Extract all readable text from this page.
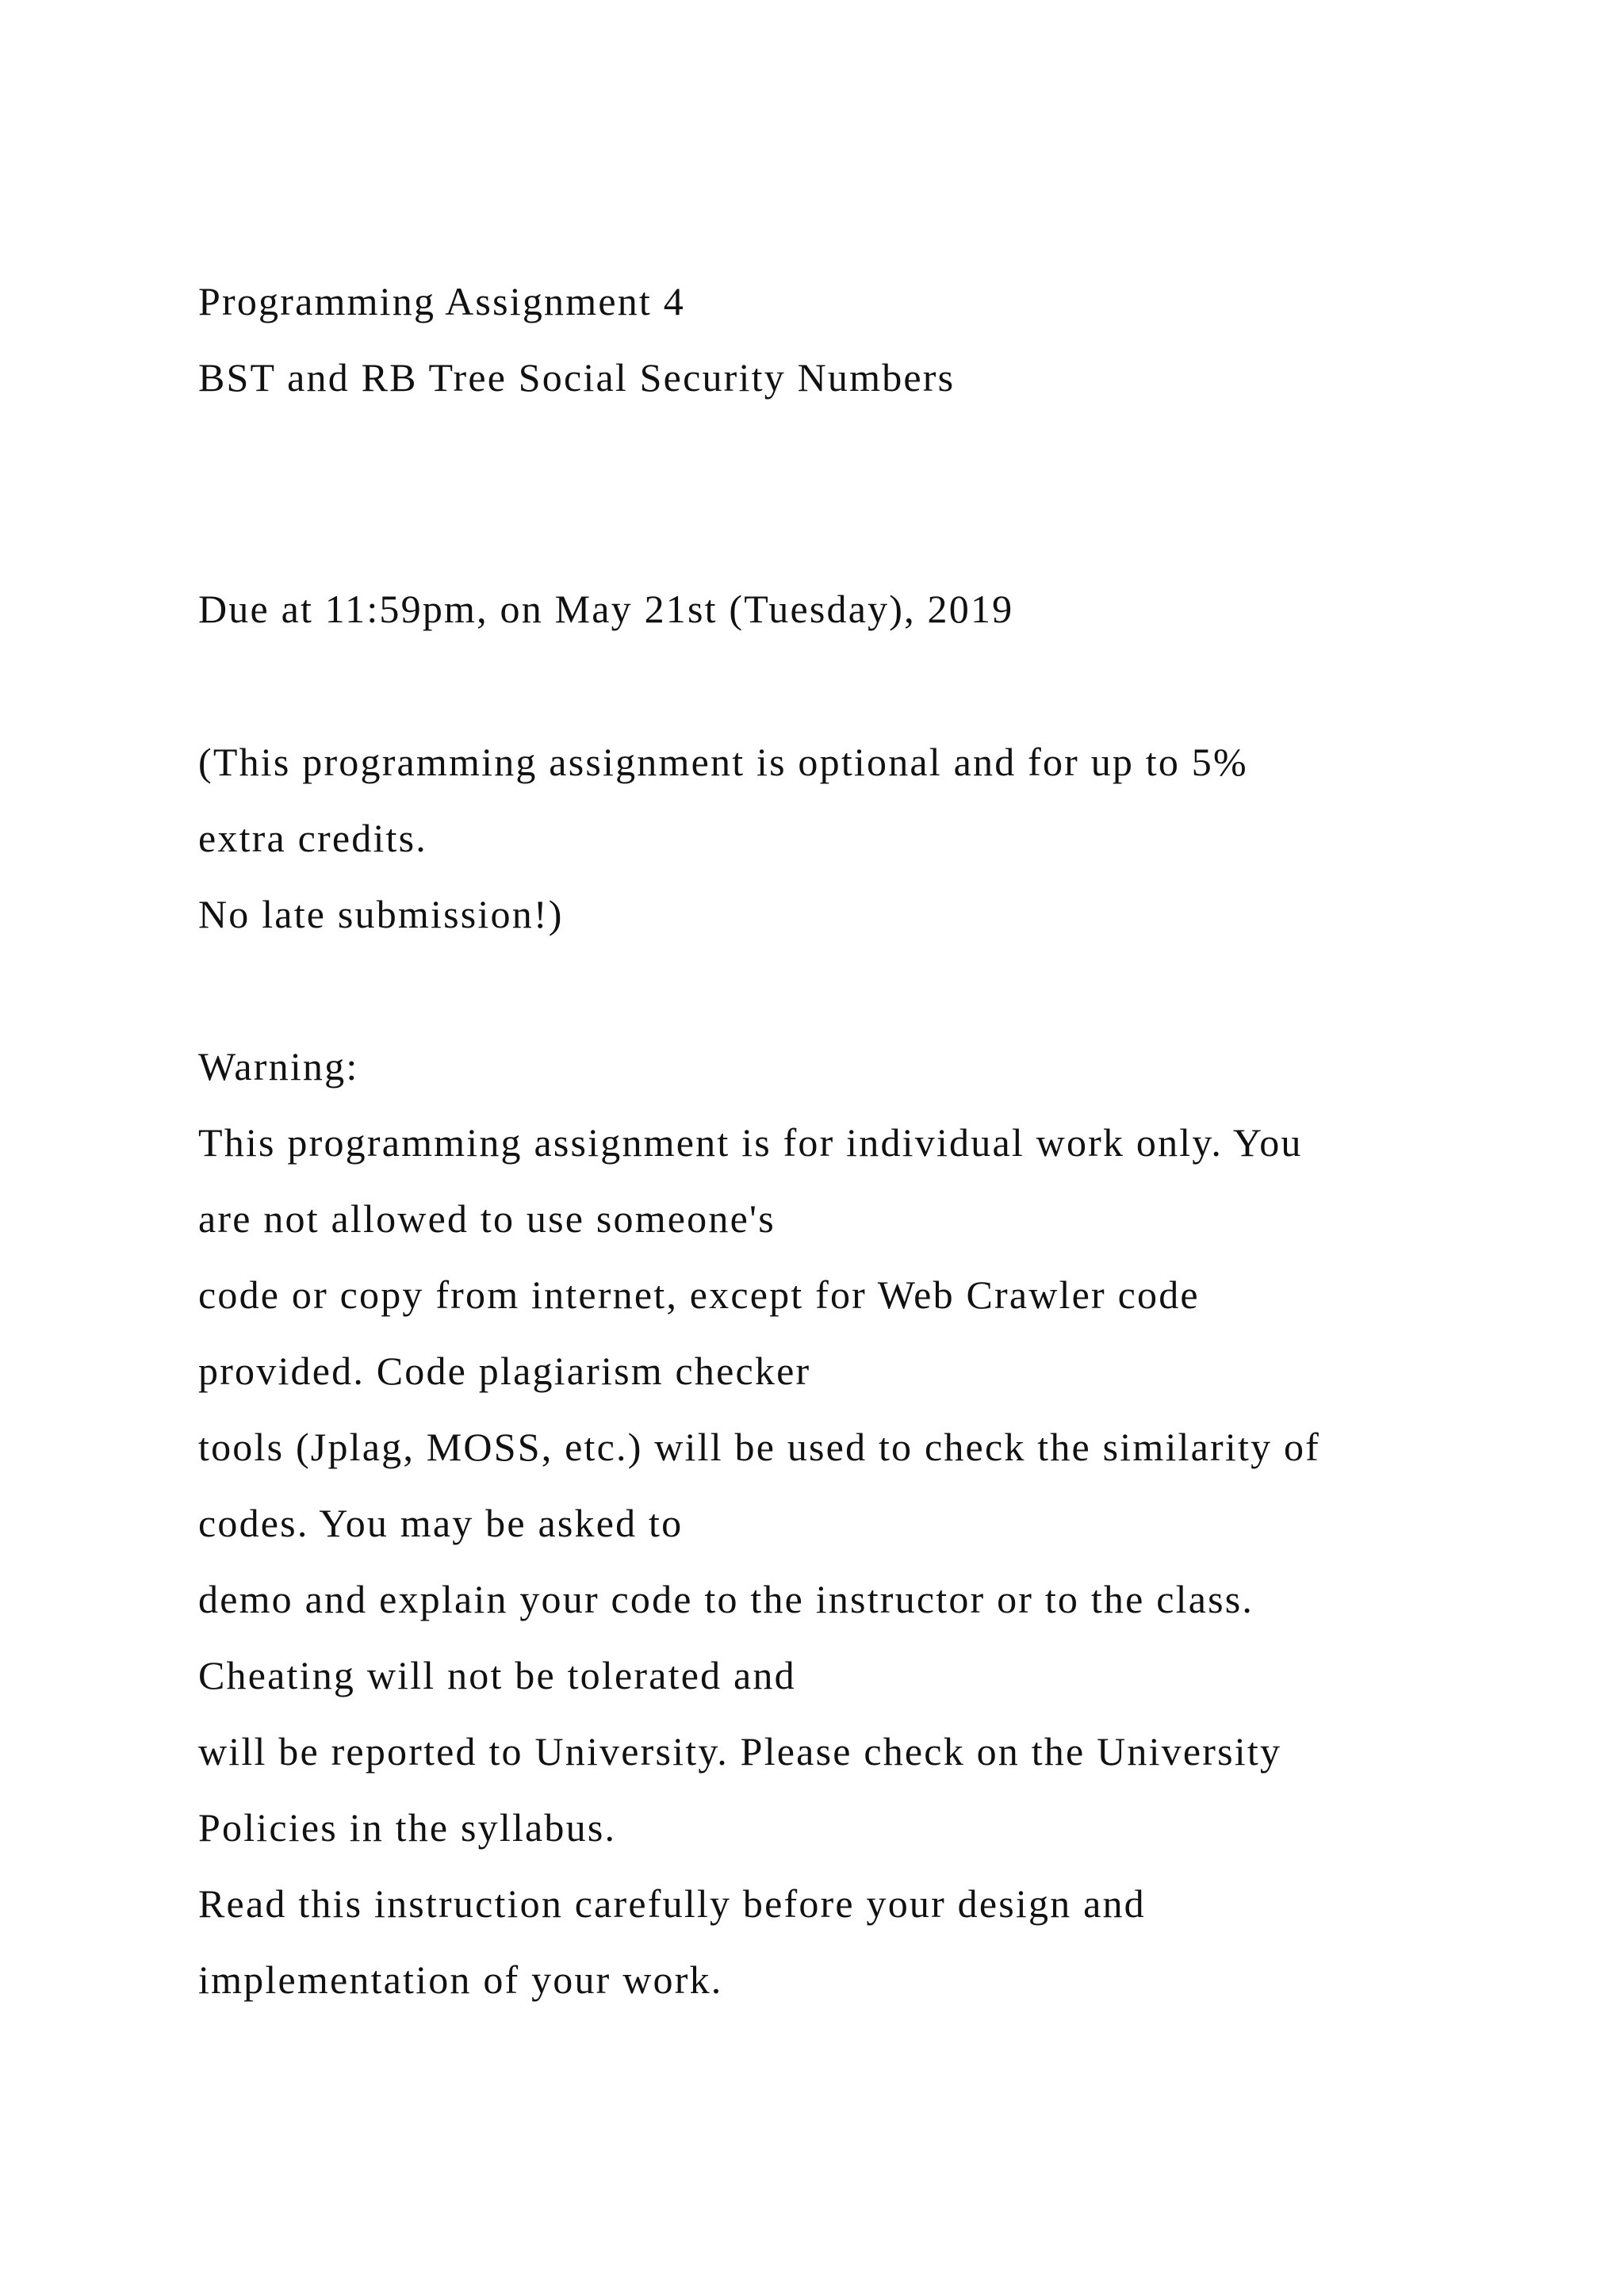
Programming Assignment 4
BST and RB Tree Social Security Numbers
Due at 11:59pm, on May 21st (Tuesday), 2019
(This programming assignment is optional and for up to 5%
extra credits.
No late submission!)
Warning:
This programming assignment is for individual work only. You
are not allowed to use someone's
code or copy from internet, except for Web Crawler code
provided. Code plagiarism checker
tools (Jplag, MOSS, etc.) will be used to check the similarity of
codes. You may be asked to
demo and explain your code to the instructor or to the class.
Cheating will not be tolerated and
will be reported to University. Please check on the University
Policies in the syllabus.
Read this instruction carefully before your design and
implementation of your work.
